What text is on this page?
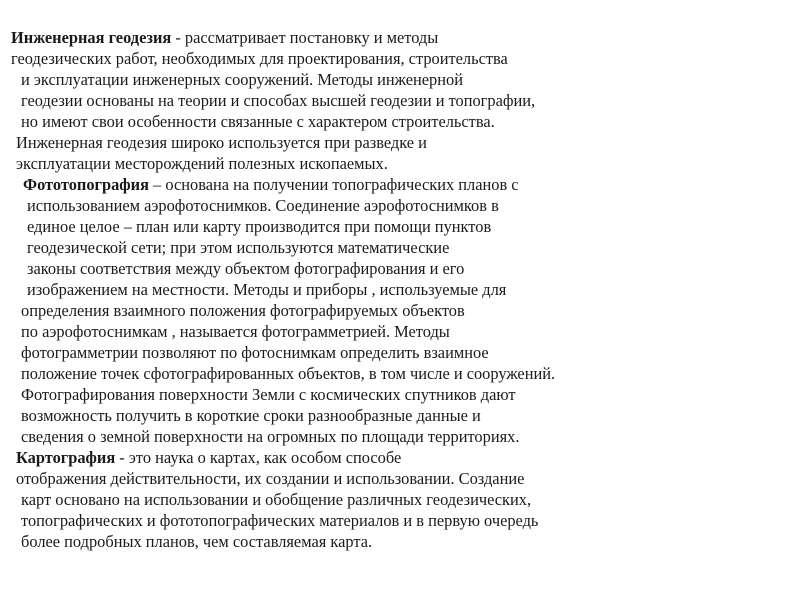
Инженерная геодезия - рассматривает постановку и методы
геодезических работ, необходимых для проектирования, строительства
и эксплуатации инженерных сооружений. Методы инженерной
геодезии основаны на теории и способах высшей геодезии и топографии,
но имеют свои особенности связанные с характером строительства.
Инженерная геодезия широко используется при разведке и
эксплуатации месторождений полезных ископаемых.
Фототопография – основана на получении топографических планов с
использованием аэрофотоснимков. Соединение аэрофотоснимков в
единое целое – план или карту производится при помощи пунктов
геодезической сети; при этом используются математические
законы соответствия между объектом фотографирования и его
изображением на местности. Методы и приборы , используемые для
определения взаимного положения фотографируемых объектов
по аэрофотоснимкам , называется фотограмметрией. Методы
фотограмметрии позволяют по фотоснимкам определить взаимное
положение точек сфотографированных объектов, в том числе и сооружений.
Фотографирования поверхности Земли с космических спутников дают
возможность получить в короткие сроки разнообразные данные и
сведения о земной поверхности на огромных по площади территориях.
Картография - это наука о картах, как особом способе
отображения действительности, их создании и использовании. Создание
карт основано на использовании и обобщение различных геодезических,
топографических и фототопографических материалов и в первую очередь
более подробных планов, чем составляемая карта.
